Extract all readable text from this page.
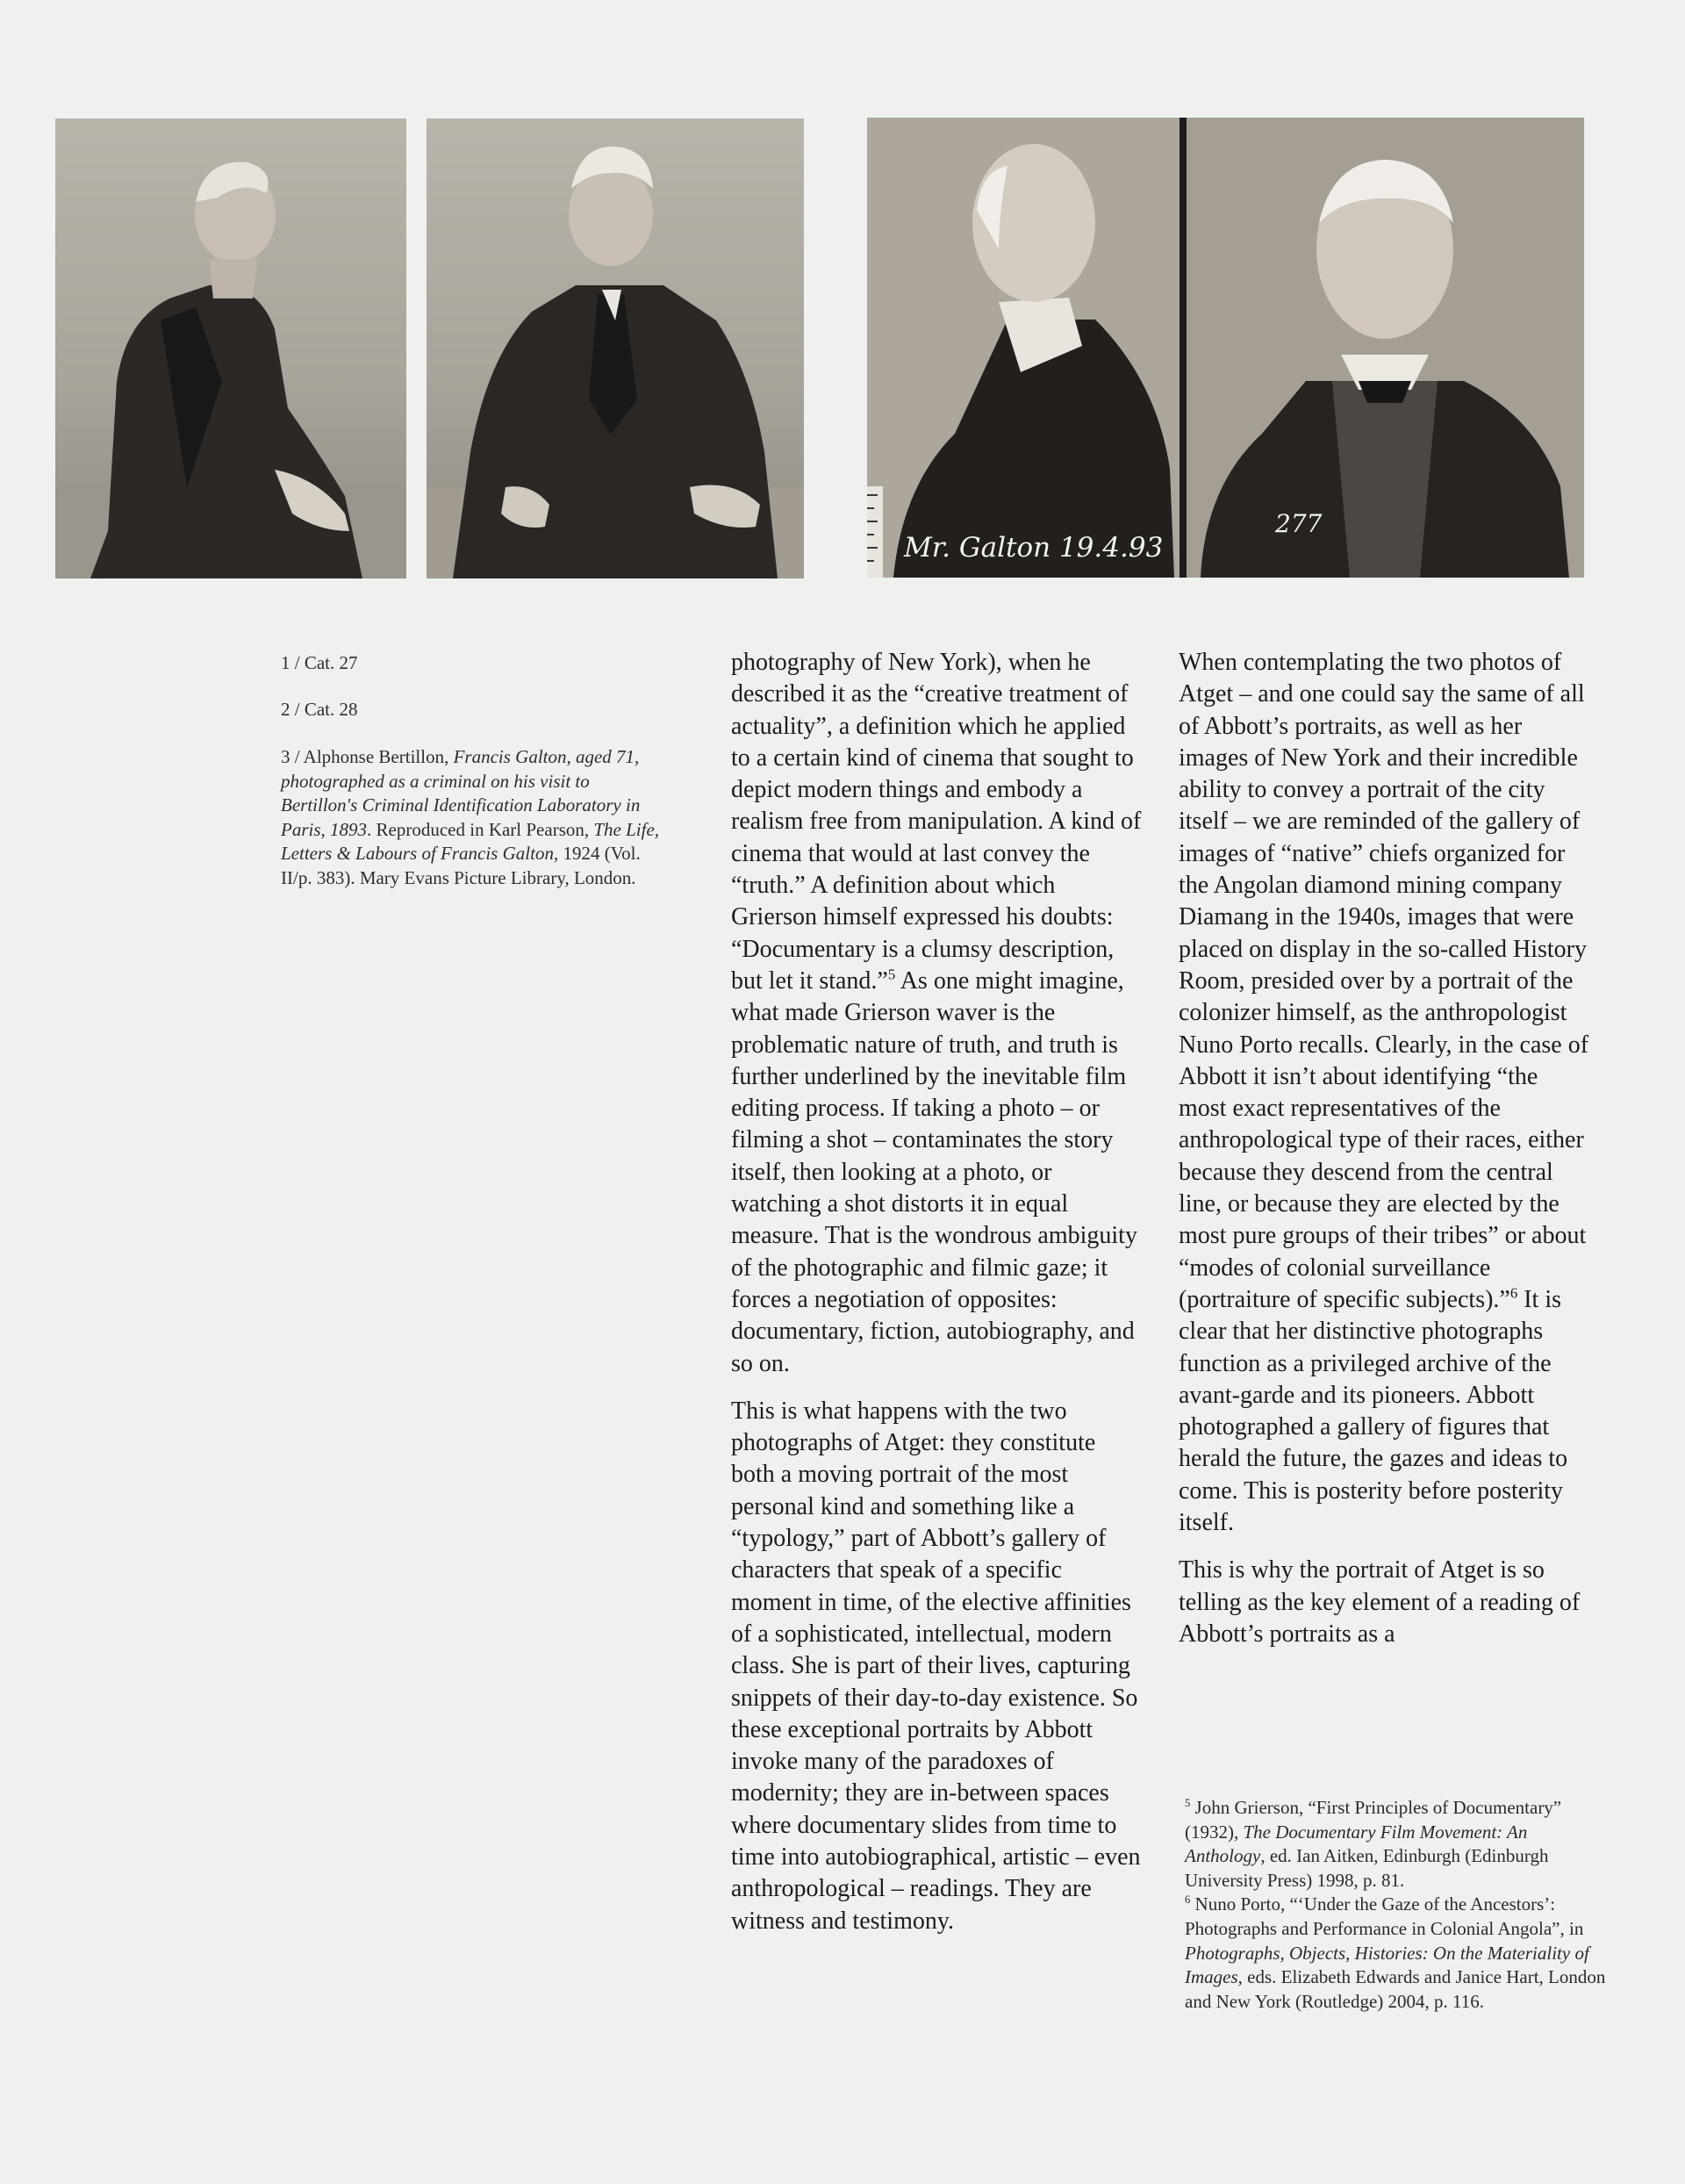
Mr. Galton 19.4.93
277

1 / Cat. 27

2 / Cat. 28

3 / Alphonse Bertillon, Francis Galton, aged 71, photographed as a criminal on his visit to Bertillon's Criminal Identification Laboratory in Paris, 1893. Reproduced in Karl Pearson, The Life, Letters & Labours of Francis Galton, 1924 (Vol. II/p. 383). Mary Evans Picture Library, London.

photography of New York), when he described it as the “creative treatment of actuality”, a definition which he applied to a certain kind of cinema that sought to depict modern things and embody a realism free from manipulation. A kind of cinema that would at last convey the “truth.” A definition about which Grierson himself expressed his doubts: “Documentary is a clumsy description, but let it stand.”$^5$ As one might imagine, what made Grierson waver is the problematic nature of truth, and truth is further underlined by the inevitable film editing process. If taking a photo – or filming a shot – contaminates the story itself, then looking at a photo, or watching a shot distorts it in equal measure. That is the wondrous ambiguity of the photographic and filmic gaze; it forces a negotiation of opposites: documentary, fiction, autobiography, and so on.

This is what happens with the two photographs of Atget: they constitute both a moving portrait of the most personal kind and something like a “typology,” part of Abbott’s gallery of characters that speak of a specific moment in time, of the elective affinities of a sophisticated, intellectual, modern class. She is part of their lives, capturing snippets of their day-to-day existence. So these exceptional portraits by Abbott invoke many of the paradoxes of modernity; they are in-between spaces where documentary slides from time to time into autobiographical, artistic – even anthropological – readings. They are witness and testimony.

When contemplating the two photos of Atget – and one could say the same of all of Abbott’s portraits, as well as her images of New York and their incredible ability to convey a portrait of the city itself – we are reminded of the gallery of images of “native” chiefs organized for the Angolan diamond mining company Diamang in the 1940s, images that were placed on display in the so-called History Room, presided over by a portrait of the colonizer himself, as the anthropologist Nuno Porto recalls. Clearly, in the case of Abbott it isn’t about identifying “the most exact representatives of the anthropological type of their races, either because they descend from the central line, or because they are elected by the most pure groups of their tribes” or about “modes of colonial surveillance (portraiture of specific subjects).”$^6$ It is clear that her distinctive photographs function as a privileged archive of the avant-garde and its pioneers. Abbott photographed a gallery of figures that herald the future, the gazes and ideas to come. This is posterity before posterity itself.

This is why the portrait of Atget is so telling as the key element of a reading of Abbott’s portraits as a

$^5$ John Grierson, “First Principles of Documentary” (1932), The Documentary Film Movement: An Anthology, ed. Ian Aitken, Edinburgh (Edinburgh University Press) 1998, p. 81.

$^6$ Nuno Porto, “‘Under the Gaze of the Ancestors’: Photographs and Performance in Colonial Angola”, in Photographs, Objects, Histories: On the Materiality of Images, eds. Elizabeth Edwards and Janice Hart, London and New York (Routledge) 2004, p. 116.
